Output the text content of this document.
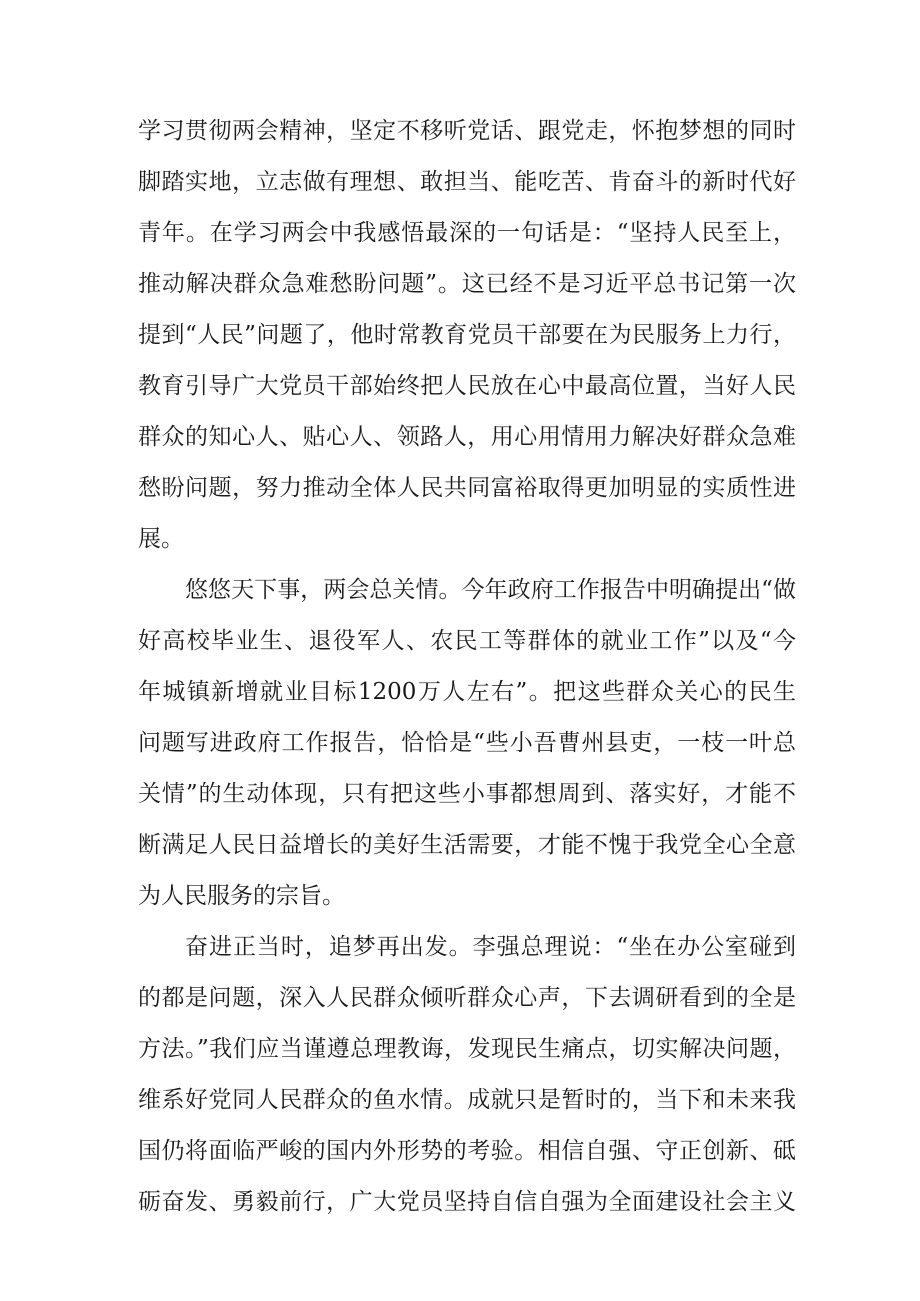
学习贯彻两会精神，坚定不移听党话、跟党走，怀抱梦想的同时
脚踏实地，立志做有理想、敢担当、能吃苦、肯奋斗的新时代好
青年。在学习两会中我感悟最深的一句话是：“坚持人民至上，
推动解决群众急难愁盼问题”。这已经不是习近平总书记第一次
提到“人民”问题了，他时常教育党员干部要在为民服务上力行，
教育引导广大党员干部始终把人民放在心中最高位置，当好人民
群众的知心人、贴心人、领路人，用心用情用力解决好群众急难
愁盼问题，努力推动全体人民共同富裕取得更加明显的实质性进
展。
悠悠天下事，两会总关情。今年政府工作报告中明确提出“做
好高校毕业生、退役军人、农民工等群体的就业工作”以及“今
年城镇新增就业目标1200万人左右”。把这些群众关心的民生
问题写进政府工作报告，恰恰是“些小吾曹州县吏，一枝一叶总
关情”的生动体现，只有把这些小事都想周到、落实好，才能不
断满足人民日益增长的美好生活需要，才能不愧于我党全心全意
为人民服务的宗旨。
奋进正当时，追梦再出发。李强总理说：“坐在办公室碰到
的都是问题，深入人民群众倾听群众心声，下去调研看到的全是
方法。”我们应当谨遵总理教诲，发现民生痛点，切实解决问题，
维系好党同人民群众的鱼水情。成就只是暂时的，当下和未来我
国仍将面临严峻的国内外形势的考验。相信自强、守正创新、砥
砺奋发、勇毅前行，广大党员坚持自信自强为全面建设社会主义
